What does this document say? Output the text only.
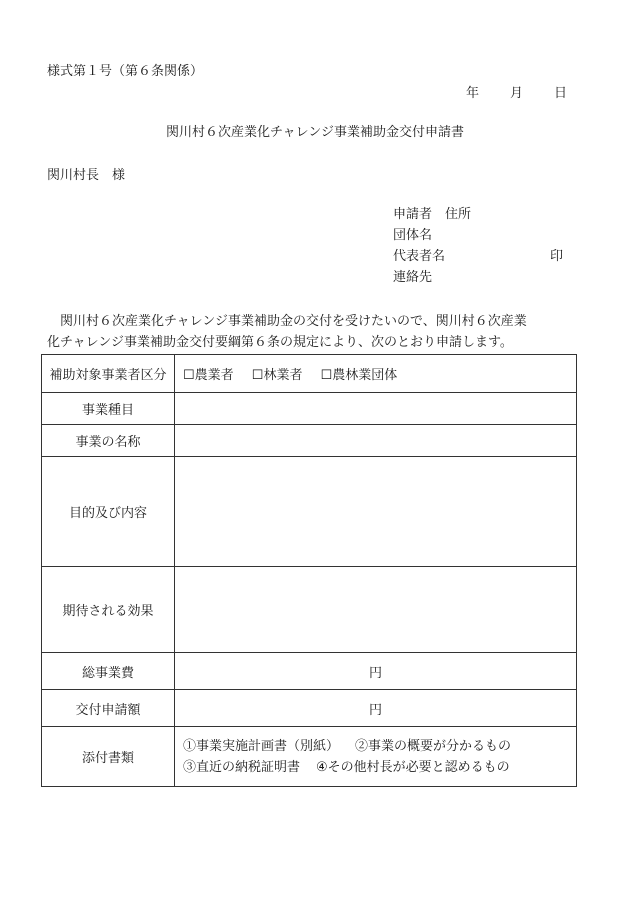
様式第１号（第６条関係）
年 月 日
関川村６次産業化チャレンジ事業補助金交付申請書
関川村長　様
申請者　住所
団体名
代表者名	印
連絡先
　関川村６次産業化チャレンジ事業補助金の交付を受けたいので、関川村６次産業
化チャレンジ事業補助金交付要綱第６条の規定により、次のとおり申請します。
補助対象事業者区分	☐農業者 ☐林業者 ☐農林業団体
事業種目	
事業の名称	
目的及び内容	
期待される効果	
総事業費	円
交付申請額	円
添付書類	①事業実施計画書（別紙） ②事業の概要が分かるもの
③直近の納税証明書 ④その他村長が必要と認めるもの
